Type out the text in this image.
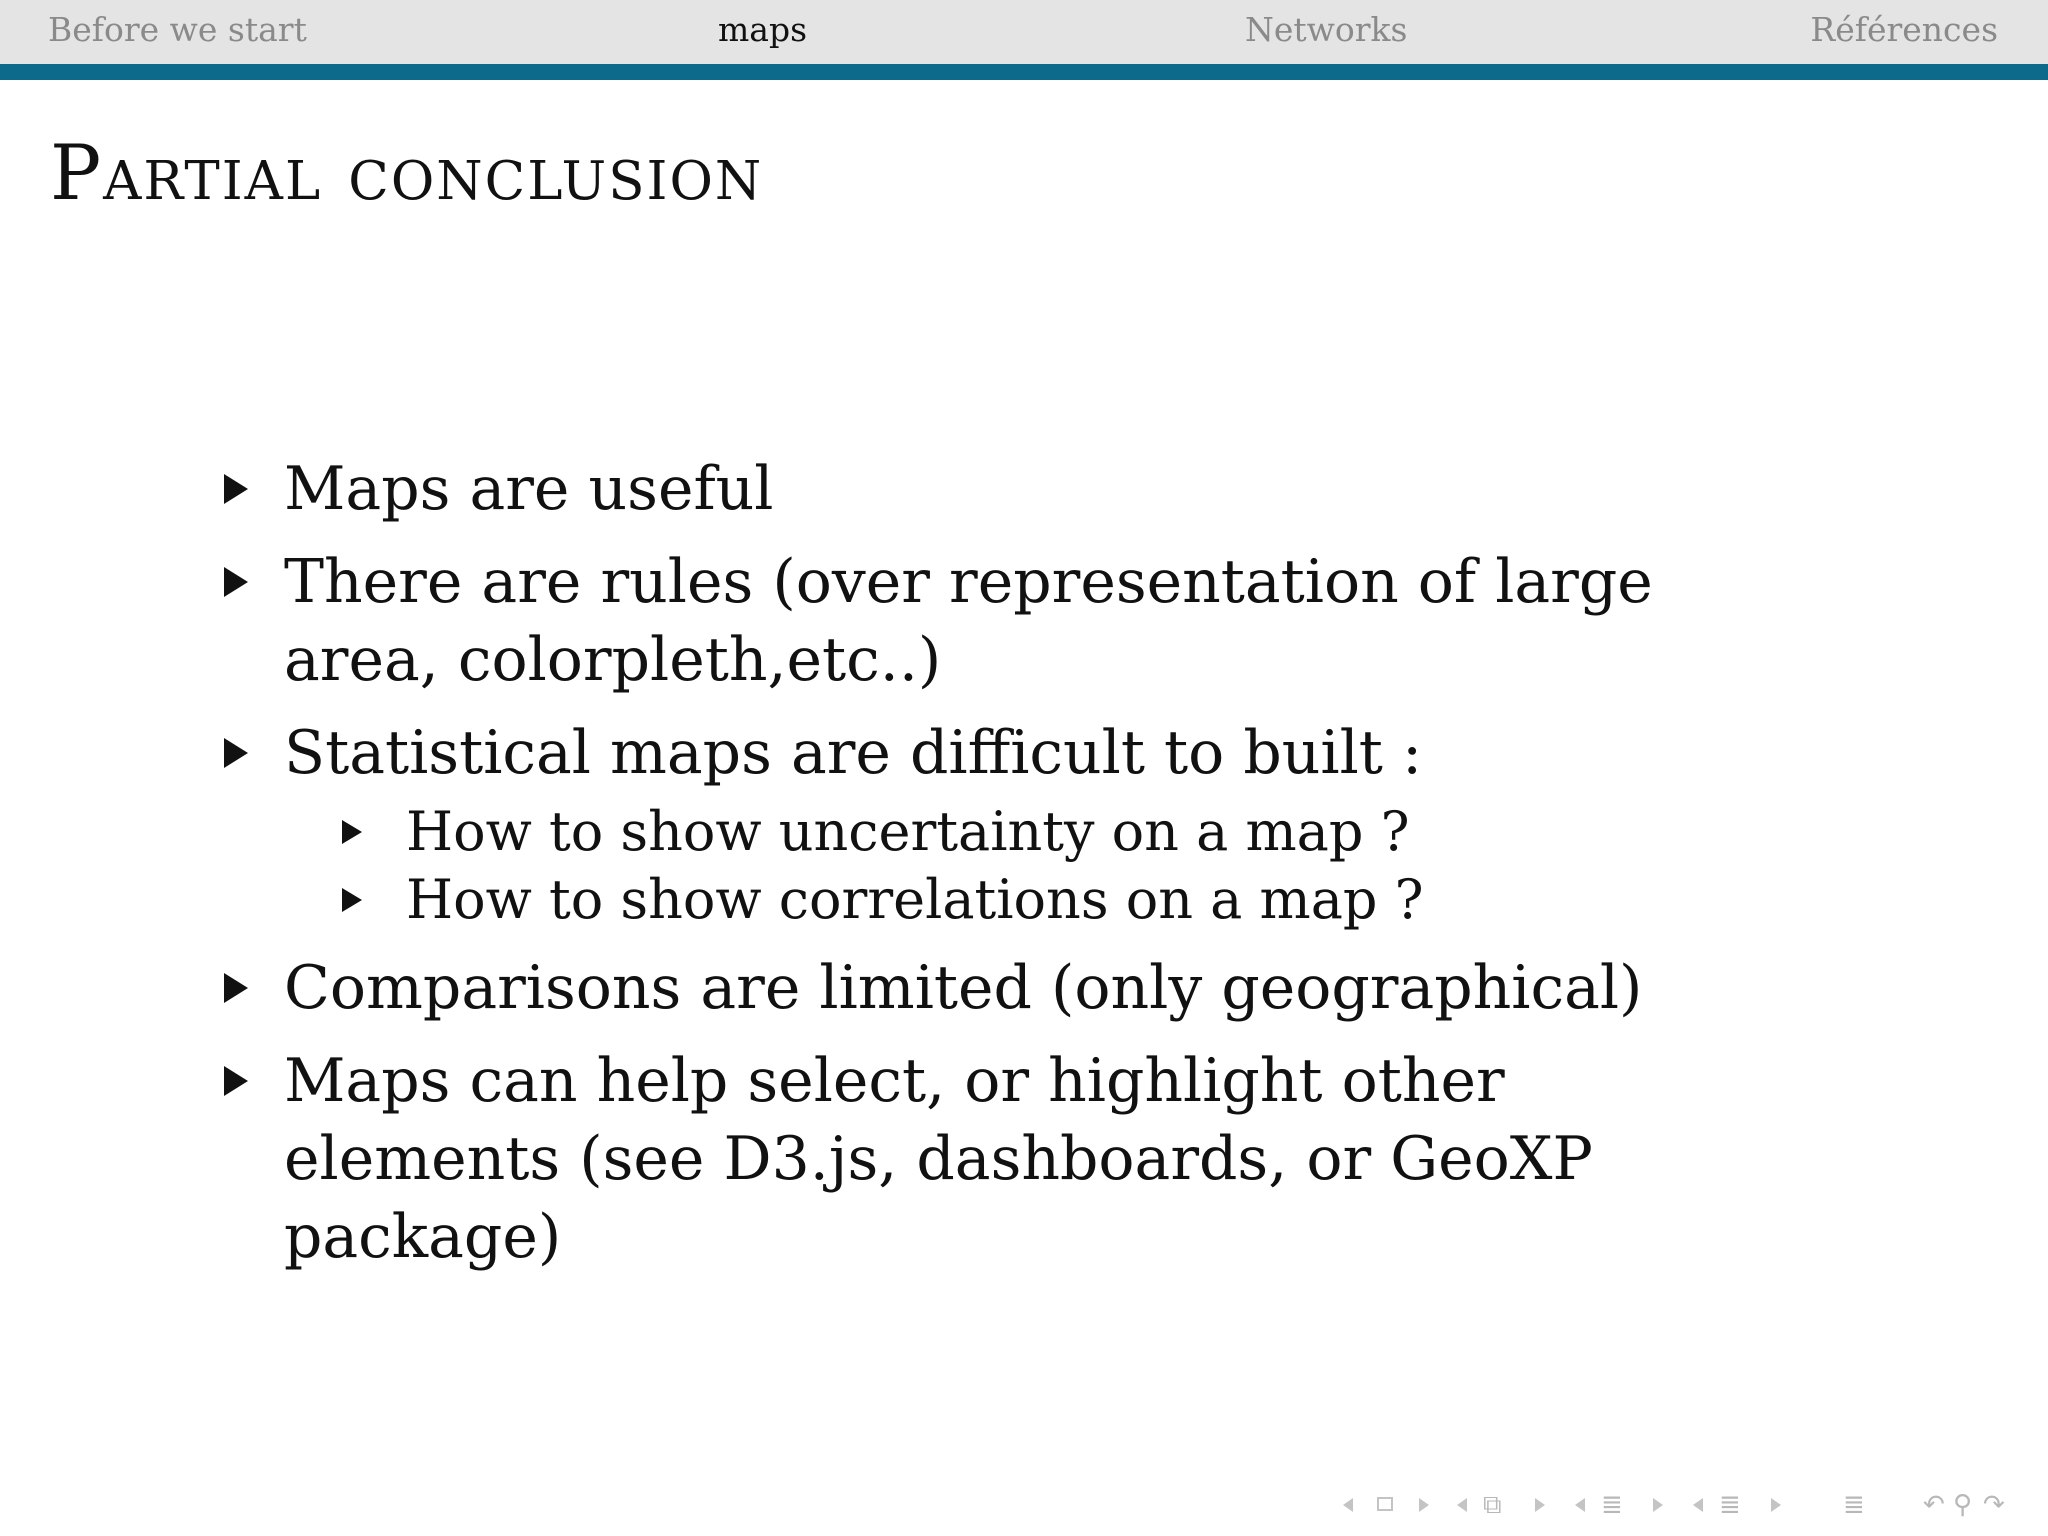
Before we start	maps	Networks	Références
Partial conclusion
Maps are useful
There are rules (over representation of large area, colorpleth,etc..)
Statistical maps are difficult to built :
How to show uncertainty on a map ?
How to show correlations on a map ?
Comparisons are limited (only geographical)
Maps can help select, or highlight other elements (see D3.js, dashboards, or GeoXP package)
⧉	≣	≣	≣ ↶ ⚲ ↷
